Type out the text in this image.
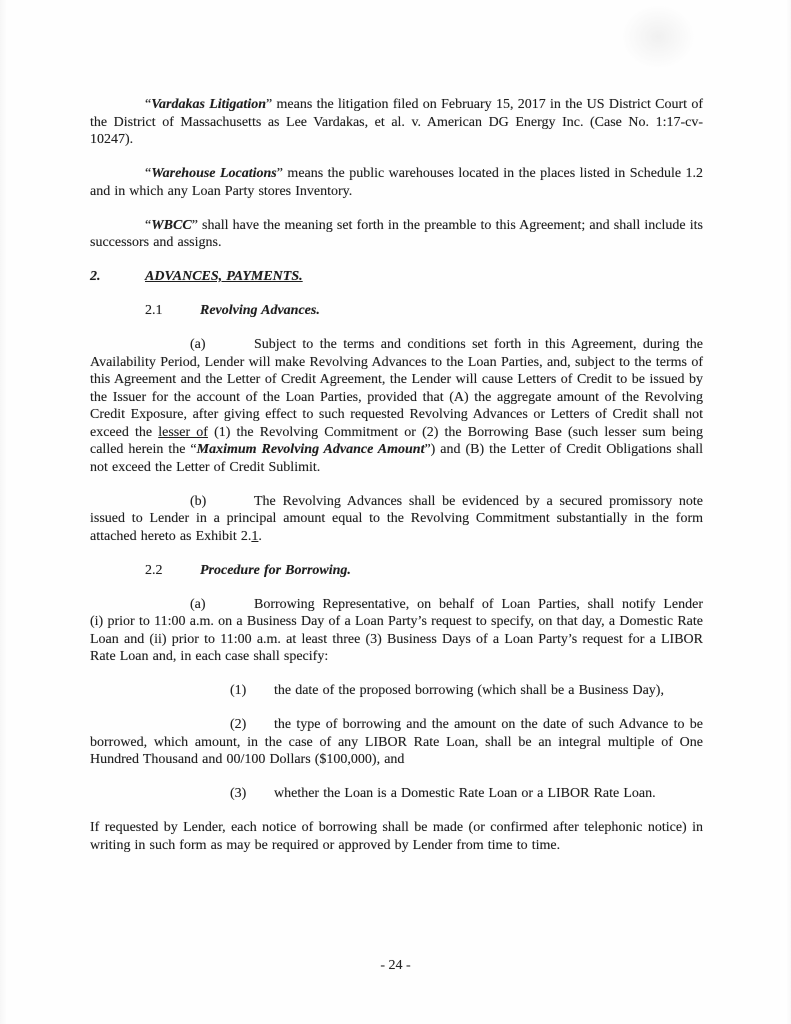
“Vardakas Litigation” means the litigation filed on February 15, 2017 in the US District Court of the District of Massachusetts as Lee Vardakas, et al. v. American DG Energy Inc. (Case No. 1:17-cv-10247).

“Warehouse Locations” means the public warehouses located in the places listed in Schedule 1.2 and in which any Loan Party stores Inventory.

“WBCC” shall have the meaning set forth in the preamble to this Agreement; and shall include its successors and assigns.

2.	ADVANCES, PAYMENTS.

2.1	Revolving Advances.

(a)	Subject to the terms and conditions set forth in this Agreement, during the Availability Period, Lender will make Revolving Advances to the Loan Parties, and, subject to the terms of this Agreement and the Letter of Credit Agreement, the Lender will cause Letters of Credit to be issued by the Issuer for the account of the Loan Parties, provided that (A) the aggregate amount of the Revolving Credit Exposure, after giving effect to such requested Revolving Advances or Letters of Credit shall not exceed the lesser of (1) the Revolving Commitment or (2) the Borrowing Base (such lesser sum being called herein the “Maximum Revolving Advance Amount”) and (B) the Letter of Credit Obligations shall not exceed the Letter of Credit Sublimit.

(b)	The Revolving Advances shall be evidenced by a secured promissory note issued to Lender in a principal amount equal to the Revolving Commitment substantially in the form attached hereto as Exhibit 2.1.

2.2	Procedure for Borrowing.

(a)	Borrowing Representative, on behalf of Loan Parties, shall notify Lender (i) prior to 11:00 a.m. on a Business Day of a Loan Party’s request to specify, on that day, a Domestic Rate Loan and (ii) prior to 11:00 a.m. at least three (3) Business Days of a Loan Party’s request for a LIBOR Rate Loan and, in each case shall specify:

(1) the date of the proposed borrowing (which shall be a Business Day),

(2) the type of borrowing and the amount on the date of such Advance to be borrowed, which amount, in the case of any LIBOR Rate Loan, shall be an integral multiple of One Hundred Thousand and 00/100 Dollars ($100,000), and

(3) whether the Loan is a Domestic Rate Loan or a LIBOR Rate Loan.

If requested by Lender, each notice of borrowing shall be made (or confirmed after telephonic notice) in writing in such form as may be required or approved by Lender from time to time.

- 24 -
